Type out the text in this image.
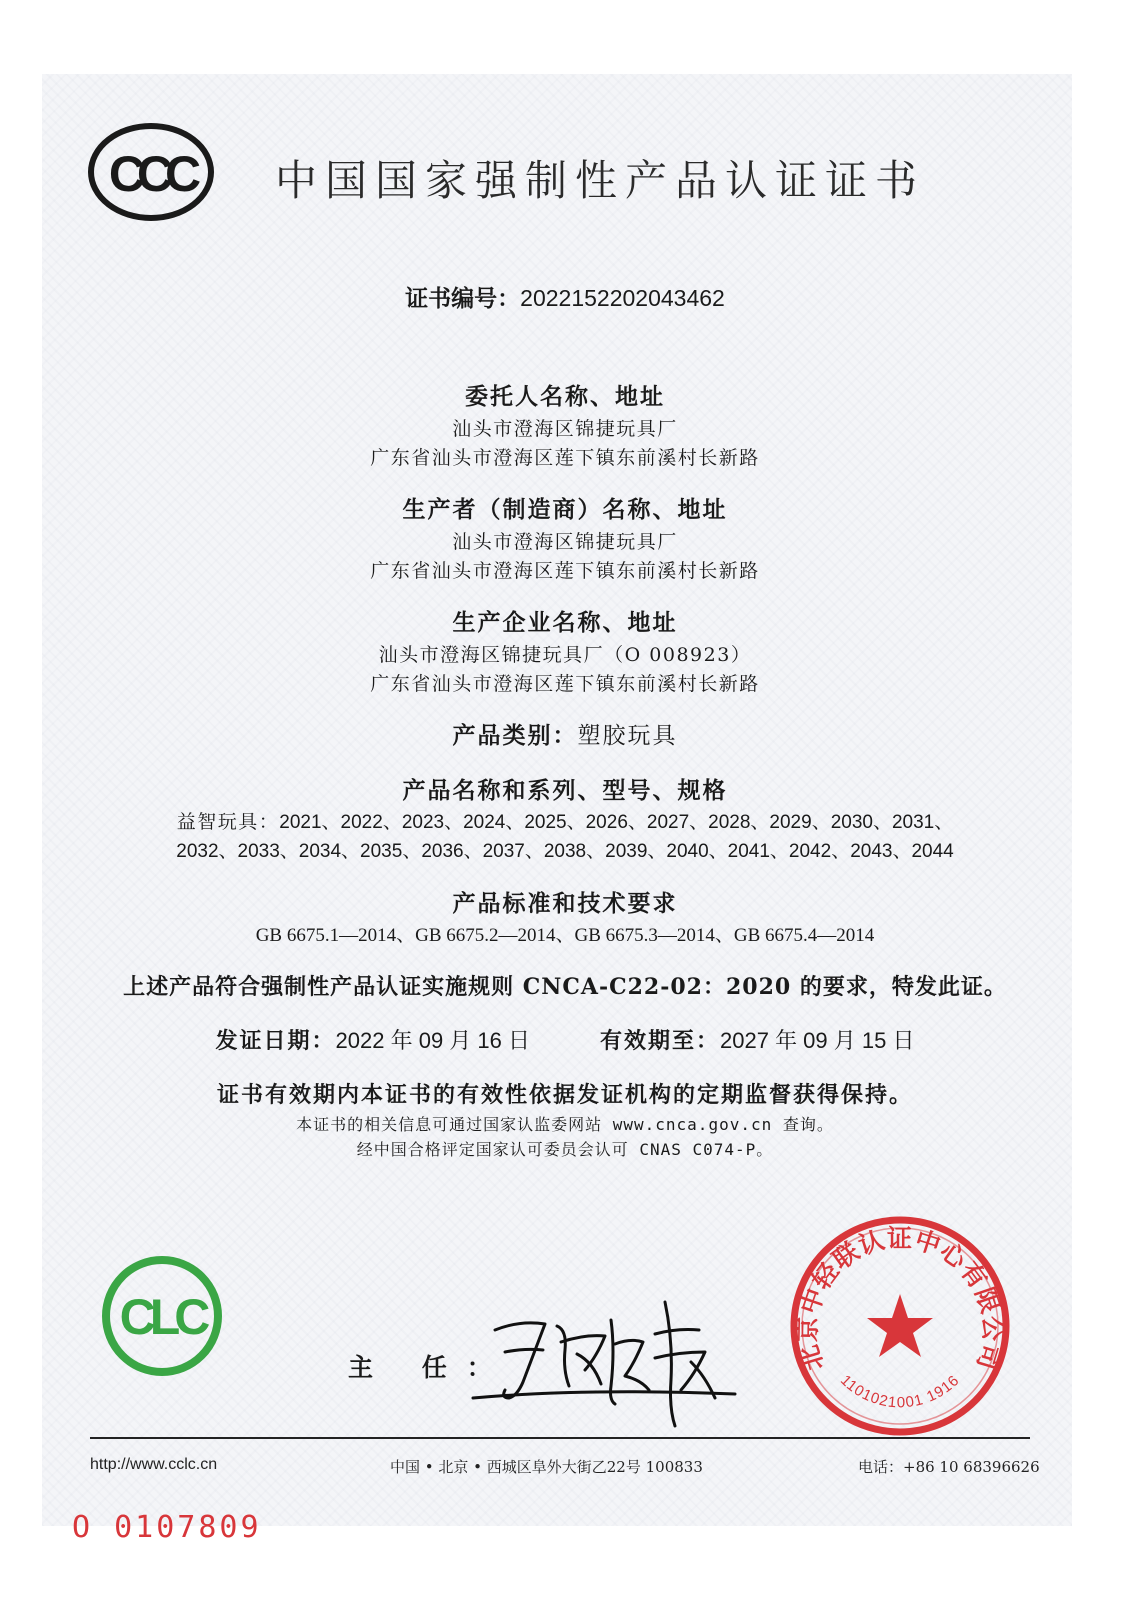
CCC	中国国家强制性产品认证证书
证书编号：2022152202043462
委托人名称、地址
汕头市澄海区锦捷玩具厂
广东省汕头市澄海区莲下镇东前溪村长新路
生产者（制造商）名称、地址
汕头市澄海区锦捷玩具厂
广东省汕头市澄海区莲下镇东前溪村长新路
生产企业名称、地址
汕头市澄海区锦捷玩具厂（O 008923）
广东省汕头市澄海区莲下镇东前溪村长新路
产品类别：塑胶玩具
产品名称和系列、型号、规格
益智玩具：2021、2022、2023、2024、2025、2026、2027、2028、2029、2030、2031、
2032、2033、2034、2035、2036、2037、2038、2039、2040、2041、2042、2043、2044
产品标准和技术要求
GB 6675.1—2014、GB 6675.2—2014、GB 6675.3—2014、GB 6675.4—2014
上述产品符合强制性产品认证实施规则 CNCA-C22-02：2020 的要求，特发此证。
发证日期：2022 年 09 月 16 日	有效期至：2027 年 09 月 15 日
证书有效期内本证书的有效性依据发证机构的定期监督获得保持。
本证书的相关信息可通过国家认监委网站 www.cnca.gov.cn 查询。
经中国合格评定国家认可委员会认可 CNAS C074-P。
CLC
主 任：	北京中轻联认证中心有限公司
1101021001 1916
http://www.cclc.cn	中国 • 北京 • 西城区阜外大街乙22号 100833	电话：+86 10 68396626
O 0107809
